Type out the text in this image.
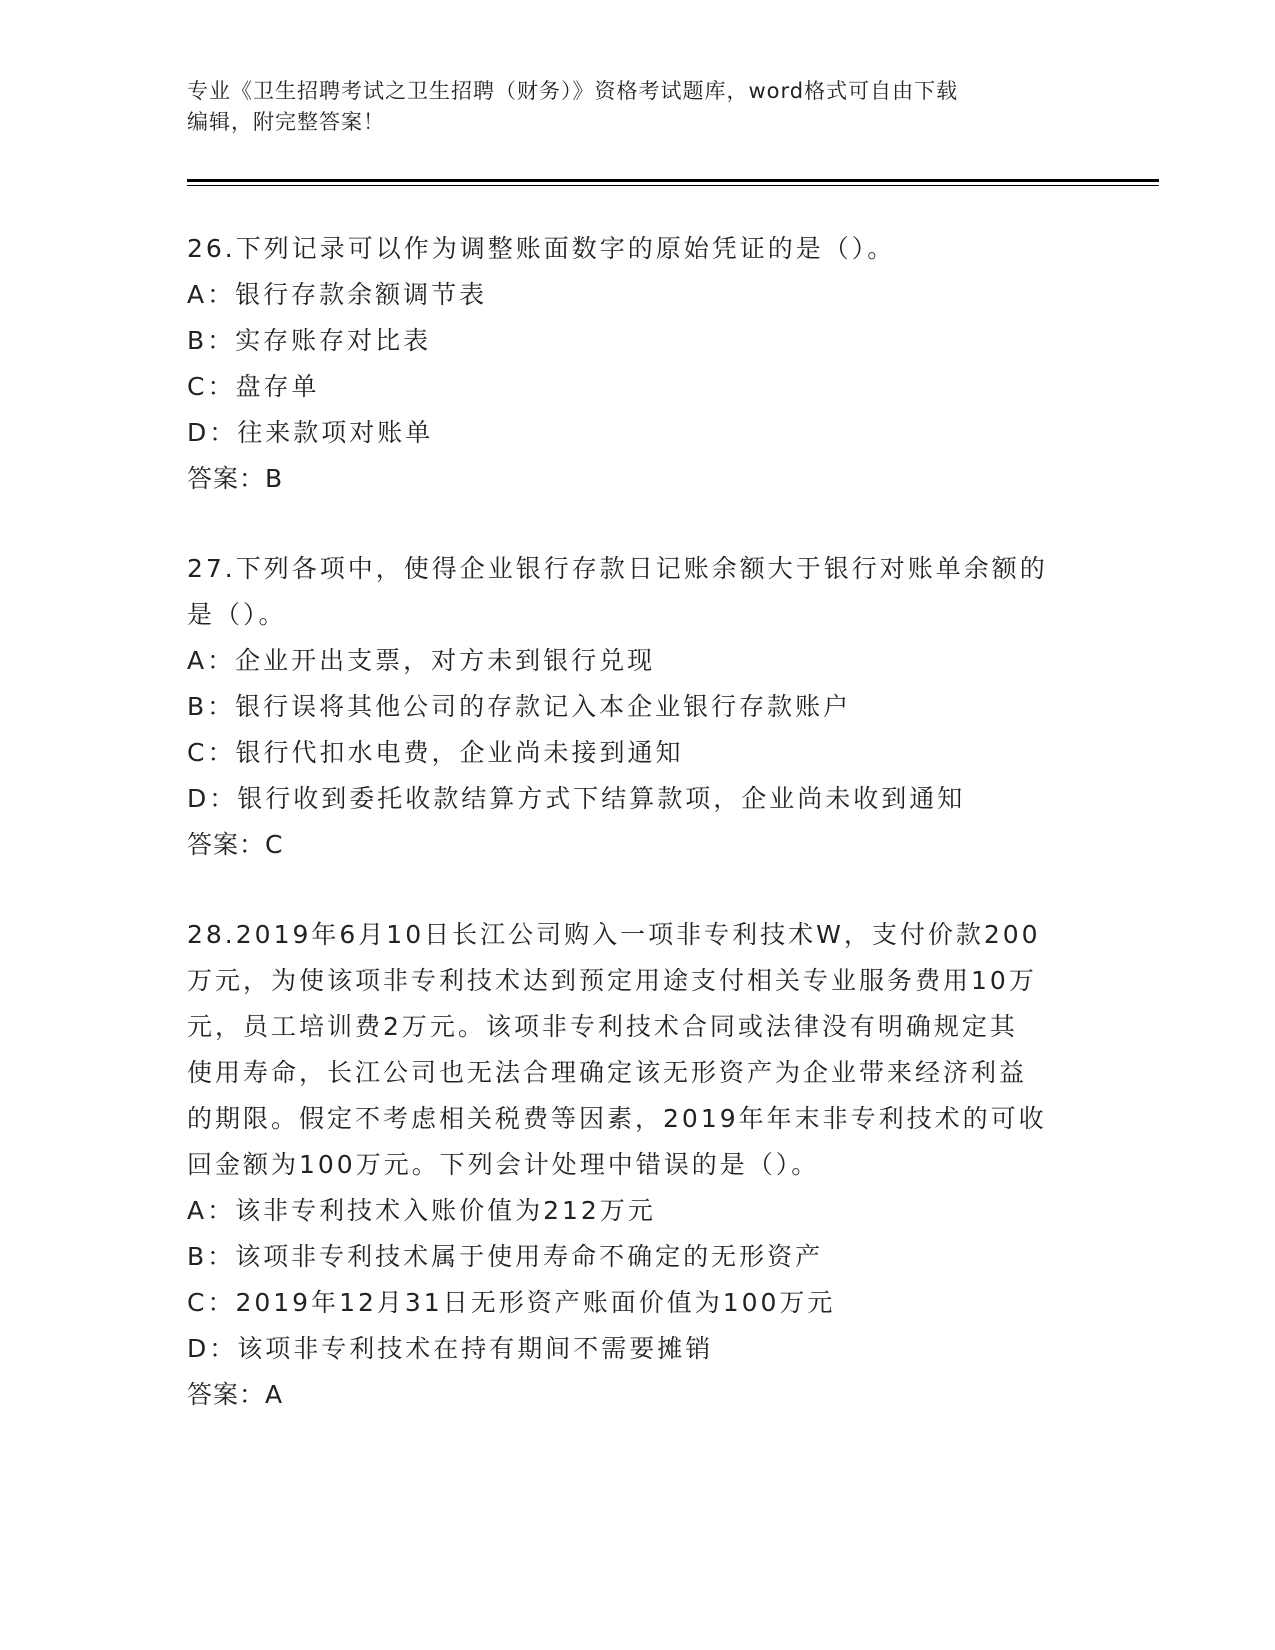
专业《卫生招聘考试之卫生招聘（财务）》资格考试题库，word格式可自由下载
编辑，附完整答案！
26.下列记录可以作为调整账面数字的原始凭证的是（）。
A：银行存款余额调节表
B：实存账存对比表
C：盘存单
D：往来款项对账单
答案：B
27.下列各项中，使得企业银行存款日记账余额大于银行对账单余额的
是（）。
A：企业开出支票，对方未到银行兑现
B：银行误将其他公司的存款记入本企业银行存款账户
C：银行代扣水电费，企业尚未接到通知
D：银行收到委托收款结算方式下结算款项，企业尚未收到通知
答案：C
28.2019年6月10日长江公司购入一项非专利技术W，支付价款200
万元，为使该项非专利技术达到预定用途支付相关专业服务费用10万
元，员工培训费2万元。该项非专利技术合同或法律没有明确规定其
使用寿命，长江公司也无法合理确定该无形资产为企业带来经济利益
的期限。假定不考虑相关税费等因素，2019年年末非专利技术的可收
回金额为100万元。下列会计处理中错误的是（）。
A：该非专利技术入账价值为212万元
B：该项非专利技术属于使用寿命不确定的无形资产
C：2019年12月31日无形资产账面价值为100万元
D：该项非专利技术在持有期间不需要摊销
答案：A
